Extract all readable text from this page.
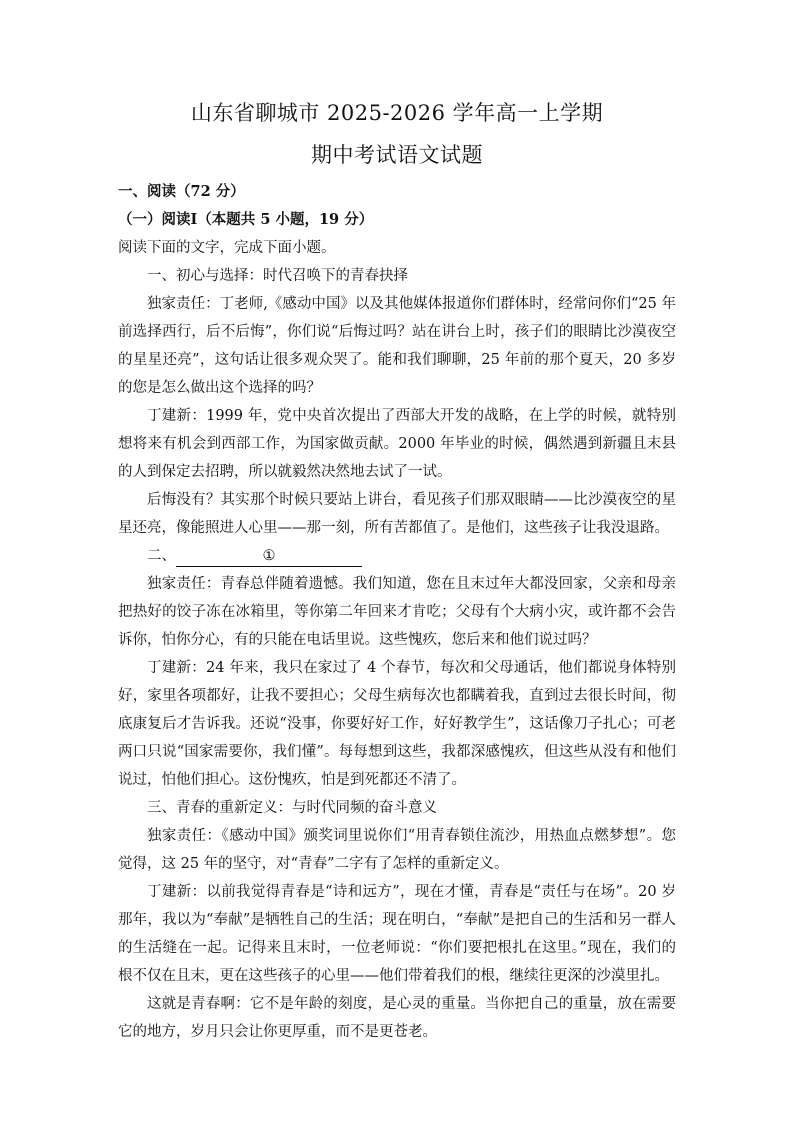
山东省聊城市 2025-2026 学年高一上学期
期中考试语文试题

一、阅读（72 分）

（一）阅读Ⅰ（本题共 5 小题，19 分）

阅读下面的文字，完成下面小题。

一、初心与选择：时代召唤下的青春抉择

独家责任：丁老师,《感动中国》以及其他媒体报道你们群体时，经常问你们“25 年前选择西行，后不后悔”，你们说“后悔过吗？站在讲台上时，孩子们的眼睛比沙漠夜空的星星还亮”，这句话让很多观众哭了。能和我们聊聊，25 年前的那个夏天，20 多岁的您是怎么做出这个选择的吗？

丁建新：1999 年，党中央首次提出了西部大开发的战略，在上学的时候，就特别想将来有机会到西部工作，为国家做贡献。2000 年毕业的时候，偶然遇到新疆且末县的人到保定去招聘，所以就毅然决然地去试了一试。

后悔没有？其实那个时候只要站上讲台，看见孩子们那双眼睛——比沙漠夜空的星星还亮，像能照进人心里——那一刻，所有苦都值了。是他们，这些孩子让我没退路。

二、	①

独家责任：青春总伴随着遗憾。我们知道，您在且末过年大都没回家，父亲和母亲把热好的饺子冻在冰箱里，等你第二年回来才肯吃；父母有个大病小灾，或许都不会告诉你，怕你分心，有的只能在电话里说。这些愧疚，您后来和他们说过吗？

丁建新：24 年来，我只在家过了 4 个春节，每次和父母通话，他们都说身体特别好，家里各项都好，让我不要担心；父母生病每次也都瞒着我，直到过去很长时间，彻底康复后才告诉我。还说“没事，你要好好工作，好好教学生”，这话像刀子扎心；可老两口只说“国家需要你，我们懂”。每每想到这些，我都深感愧疚，但这些从没有和他们说过，怕他们担心。这份愧疚，怕是到死都还不清了。

三、青春的重新定义：与时代同频的奋斗意义

独家责任：《感动中国》颁奖词里说你们“用青春锁住流沙，用热血点燃梦想”。您觉得，这 25 年的坚守，对“青春”二字有了怎样的重新定义。

丁建新：以前我觉得青春是“诗和远方”，现在才懂，青春是“责任与在场”。20 岁那年，我以为“奉献”是牺牲自己的生活；现在明白，“奉献”是把自己的生活和另一群人的生活缝在一起。记得来且末时，一位老师说：“你们要把根扎在这里。”现在，我们的根不仅在且末，更在这些孩子的心里——他们带着我们的根，继续往更深的沙漠里扎。

这就是青春啊：它不是年龄的刻度，是心灵的重量。当你把自己的重量，放在需要它的地方，岁月只会让你更厚重，而不是更苍老。
